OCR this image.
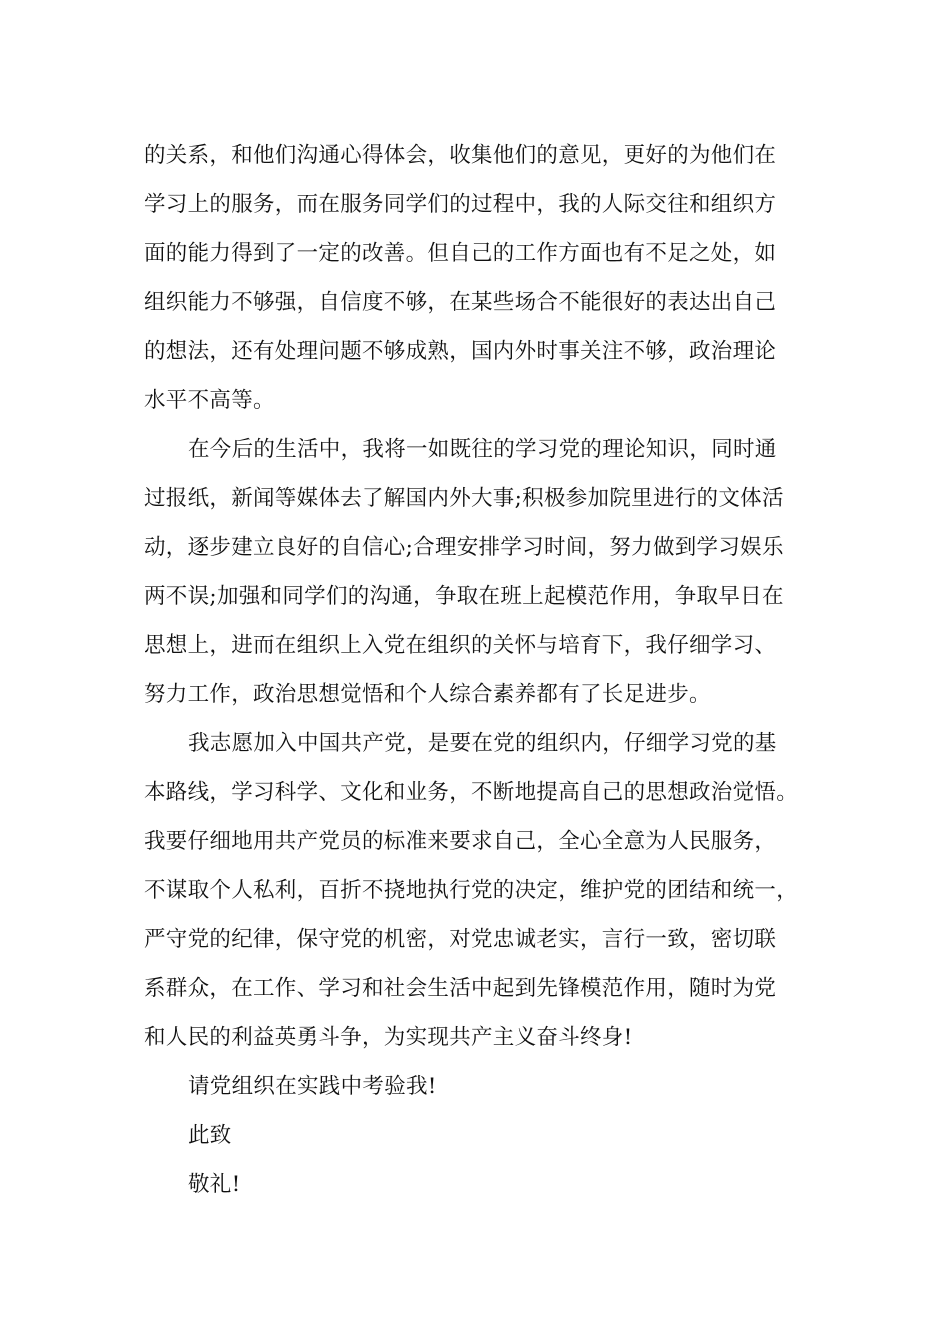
的关系，和他们沟通心得体会，收集他们的意见，更好的为他们在
学习上的服务，而在服务同学们的过程中，我的人际交往和组织方
面的能力得到了一定的改善。但自己的工作方面也有不足之处，如
组织能力不够强，自信度不够，在某些场合不能很好的表达出自己
的想法，还有处理问题不够成熟，国内外时事关注不够，政治理论
水平不高等。
在今后的生活中，我将一如既往的学习党的理论知识，同时通
过报纸，新闻等媒体去了解国内外大事;积极参加院里进行的文体活
动，逐步建立良好的自信心;合理安排学习时间，努力做到学习娱乐
两不误;加强和同学们的沟通，争取在班上起模范作用，争取早日在
思想上，进而在组织上入党在组织的关怀与培育下，我仔细学习、
努力工作，政治思想觉悟和个人综合素养都有了长足进步。
我志愿加入中国共产党，是要在党的组织内，仔细学习党的基
本路线，学习科学、文化和业务，不断地提高自己的思想政治觉悟。
我要仔细地用共产党员的标准来要求自己，全心全意为人民服务，
不谋取个人私利，百折不挠地执行党的决定，维护党的团结和统一，
严守党的纪律，保守党的机密，对党忠诚老实，言行一致，密切联
系群众，在工作、学习和社会生活中起到先锋模范作用，随时为党
和人民的利益英勇斗争，为实现共产主义奋斗终身!
请党组织在实践中考验我!
此致
敬礼!
